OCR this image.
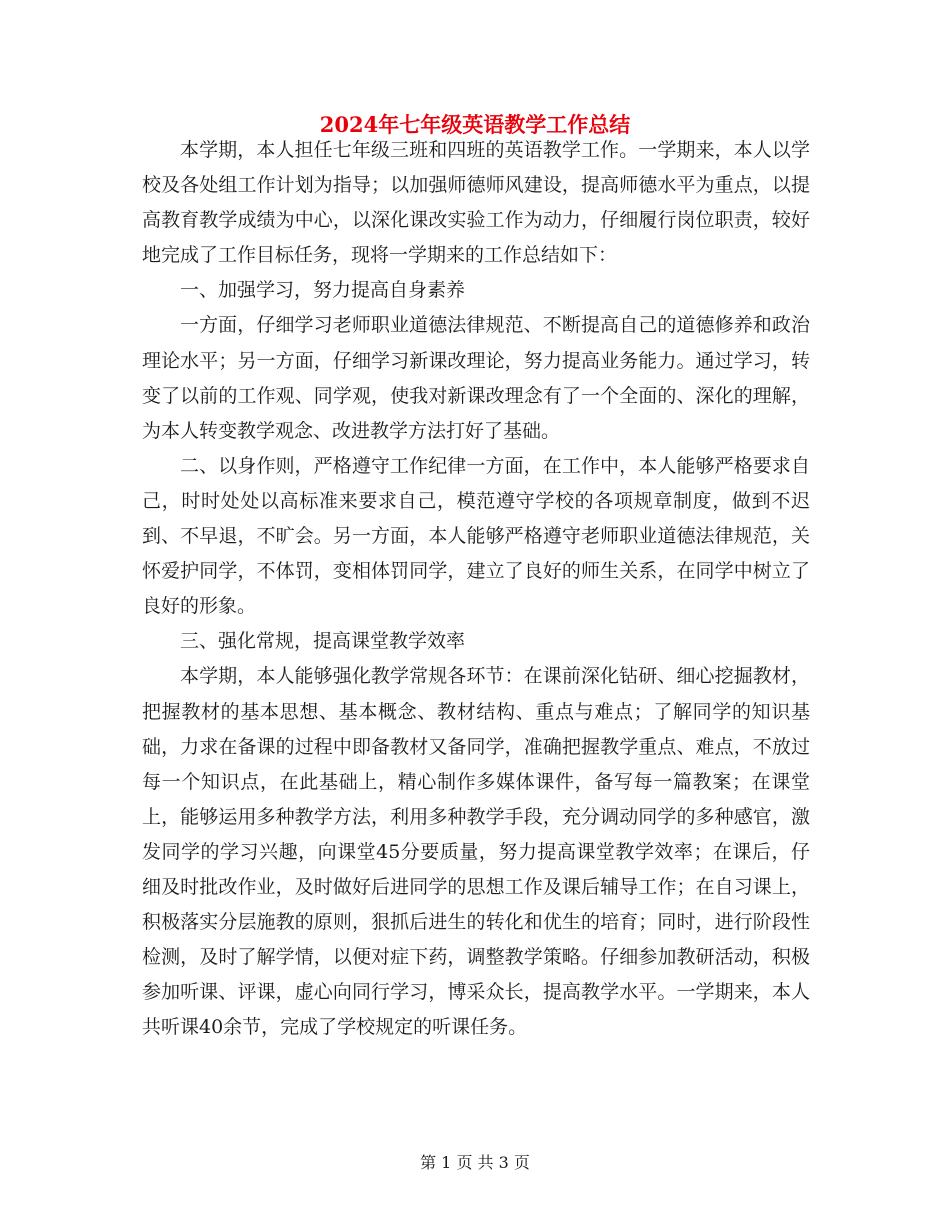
2024年七年级英语教学工作总结

本学期，本人担任七年级三班和四班的英语教学工作。一学期来，本人以学校及各处组工作计划为指导；以加强师德师风建设，提高师德水平为重点，以提高教育教学成绩为中心，以深化课改实验工作为动力，仔细履行岗位职责，较好地完成了工作目标任务，现将一学期来的工作总结如下：

一、加强学习，努力提高自身素养

一方面，仔细学习老师职业道德法律规范、不断提高自己的道德修养和政治理论水平；另一方面，仔细学习新课改理论，努力提高业务能力。通过学习，转变了以前的工作观、同学观，使我对新课改理念有了一个全面的、深化的理解，为本人转变教学观念、改进教学方法打好了基础。

二、以身作则，严格遵守工作纪律一方面，在工作中，本人能够严格要求自己，时时处处以高标准来要求自己，模范遵守学校的各项规章制度，做到不迟到、不早退，不旷会。另一方面，本人能够严格遵守老师职业道德法律规范，关怀爱护同学，不体罚，变相体罚同学，建立了良好的师生关系，在同学中树立了良好的形象。

三、强化常规，提高课堂教学效率

本学期，本人能够强化教学常规各环节：在课前深化钻研、细心挖掘教材，把握教材的基本思想、基本概念、教材结构、重点与难点；了解同学的知识基础，力求在备课的过程中即备教材又备同学，准确把握教学重点、难点，不放过每一个知识点，在此基础上，精心制作多媒体课件，备写每一篇教案；在课堂上，能够运用多种教学方法，利用多种教学手段，充分调动同学的多种感官，激发同学的学习兴趣，向课堂45分要质量，努力提高课堂教学效率；在课后，仔细及时批改作业，及时做好后进同学的思想工作及课后辅导工作；在自习课上，积极落实分层施教的原则，狠抓后进生的转化和优生的培育；同时，进行阶段性检测，及时了解学情，以便对症下药，调整教学策略。仔细参加教研活动，积极参加听课、评课，虚心向同行学习，博采众长，提高教学水平。一学期来，本人共听课40余节，完成了学校规定的听课任务。

第 1 页 共 3 页
